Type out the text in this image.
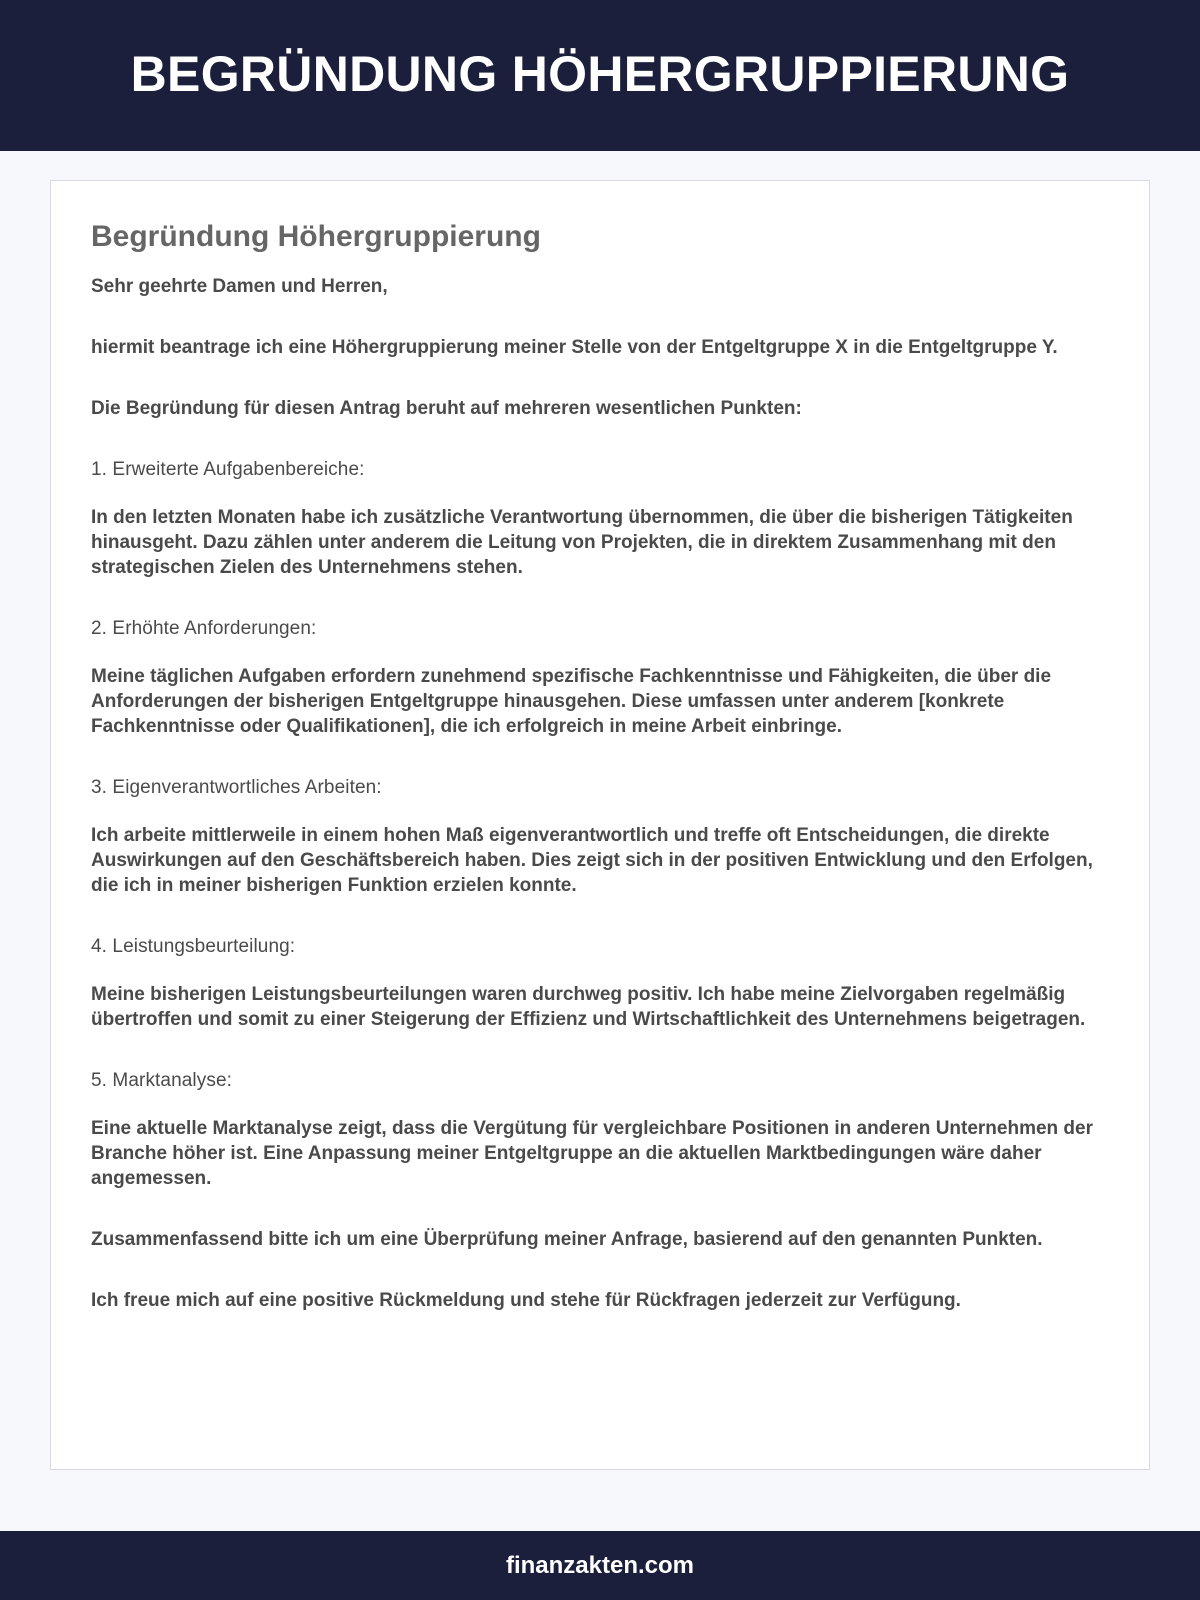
BEGRÜNDUNG HÖHERGRUPPIERUNG
Begründung Höhergruppierung

Sehr geehrte Damen und Herren,

hiermit beantrage ich eine Höhergruppierung meiner Stelle von der Entgeltgruppe X in die Entgeltgruppe Y.

Die Begründung für diesen Antrag beruht auf mehreren wesentlichen Punkten:

1. Erweiterte Aufgabenbereiche:

In den letzten Monaten habe ich zusätzliche Verantwortung übernommen, die über die bisherigen Tätigkeiten hinausgeht. Dazu zählen unter anderem die Leitung von Projekten, die in direktem Zusammenhang mit den strategischen Zielen des Unternehmens stehen.

2. Erhöhte Anforderungen:

Meine täglichen Aufgaben erfordern zunehmend spezifische Fachkenntnisse und Fähigkeiten, die über die Anforderungen der bisherigen Entgeltgruppe hinausgehen. Diese umfassen unter anderem [konkrete Fachkenntnisse oder Qualifikationen], die ich erfolgreich in meine Arbeit einbringe.

3. Eigenverantwortliches Arbeiten:

Ich arbeite mittlerweile in einem hohen Maß eigenverantwortlich und treffe oft Entscheidungen, die direkte Auswirkungen auf den Geschäftsbereich haben. Dies zeigt sich in der positiven Entwicklung und den Erfolgen, die ich in meiner bisherigen Funktion erzielen konnte.

4. Leistungsbeurteilung:

Meine bisherigen Leistungsbeurteilungen waren durchweg positiv. Ich habe meine Zielvorgaben regelmäßig übertroffen und somit zu einer Steigerung der Effizienz und Wirtschaftlichkeit des Unternehmens beigetragen.

5. Marktanalyse:

Eine aktuelle Marktanalyse zeigt, dass die Vergütung für vergleichbare Positionen in anderen Unternehmen der Branche höher ist. Eine Anpassung meiner Entgeltgruppe an die aktuellen Marktbedingungen wäre daher angemessen.

Zusammenfassend bitte ich um eine Überprüfung meiner Anfrage, basierend auf den genannten Punkten.

Ich freue mich auf eine positive Rückmeldung und stehe für Rückfragen jederzeit zur Verfügung.

finanzakten.com
